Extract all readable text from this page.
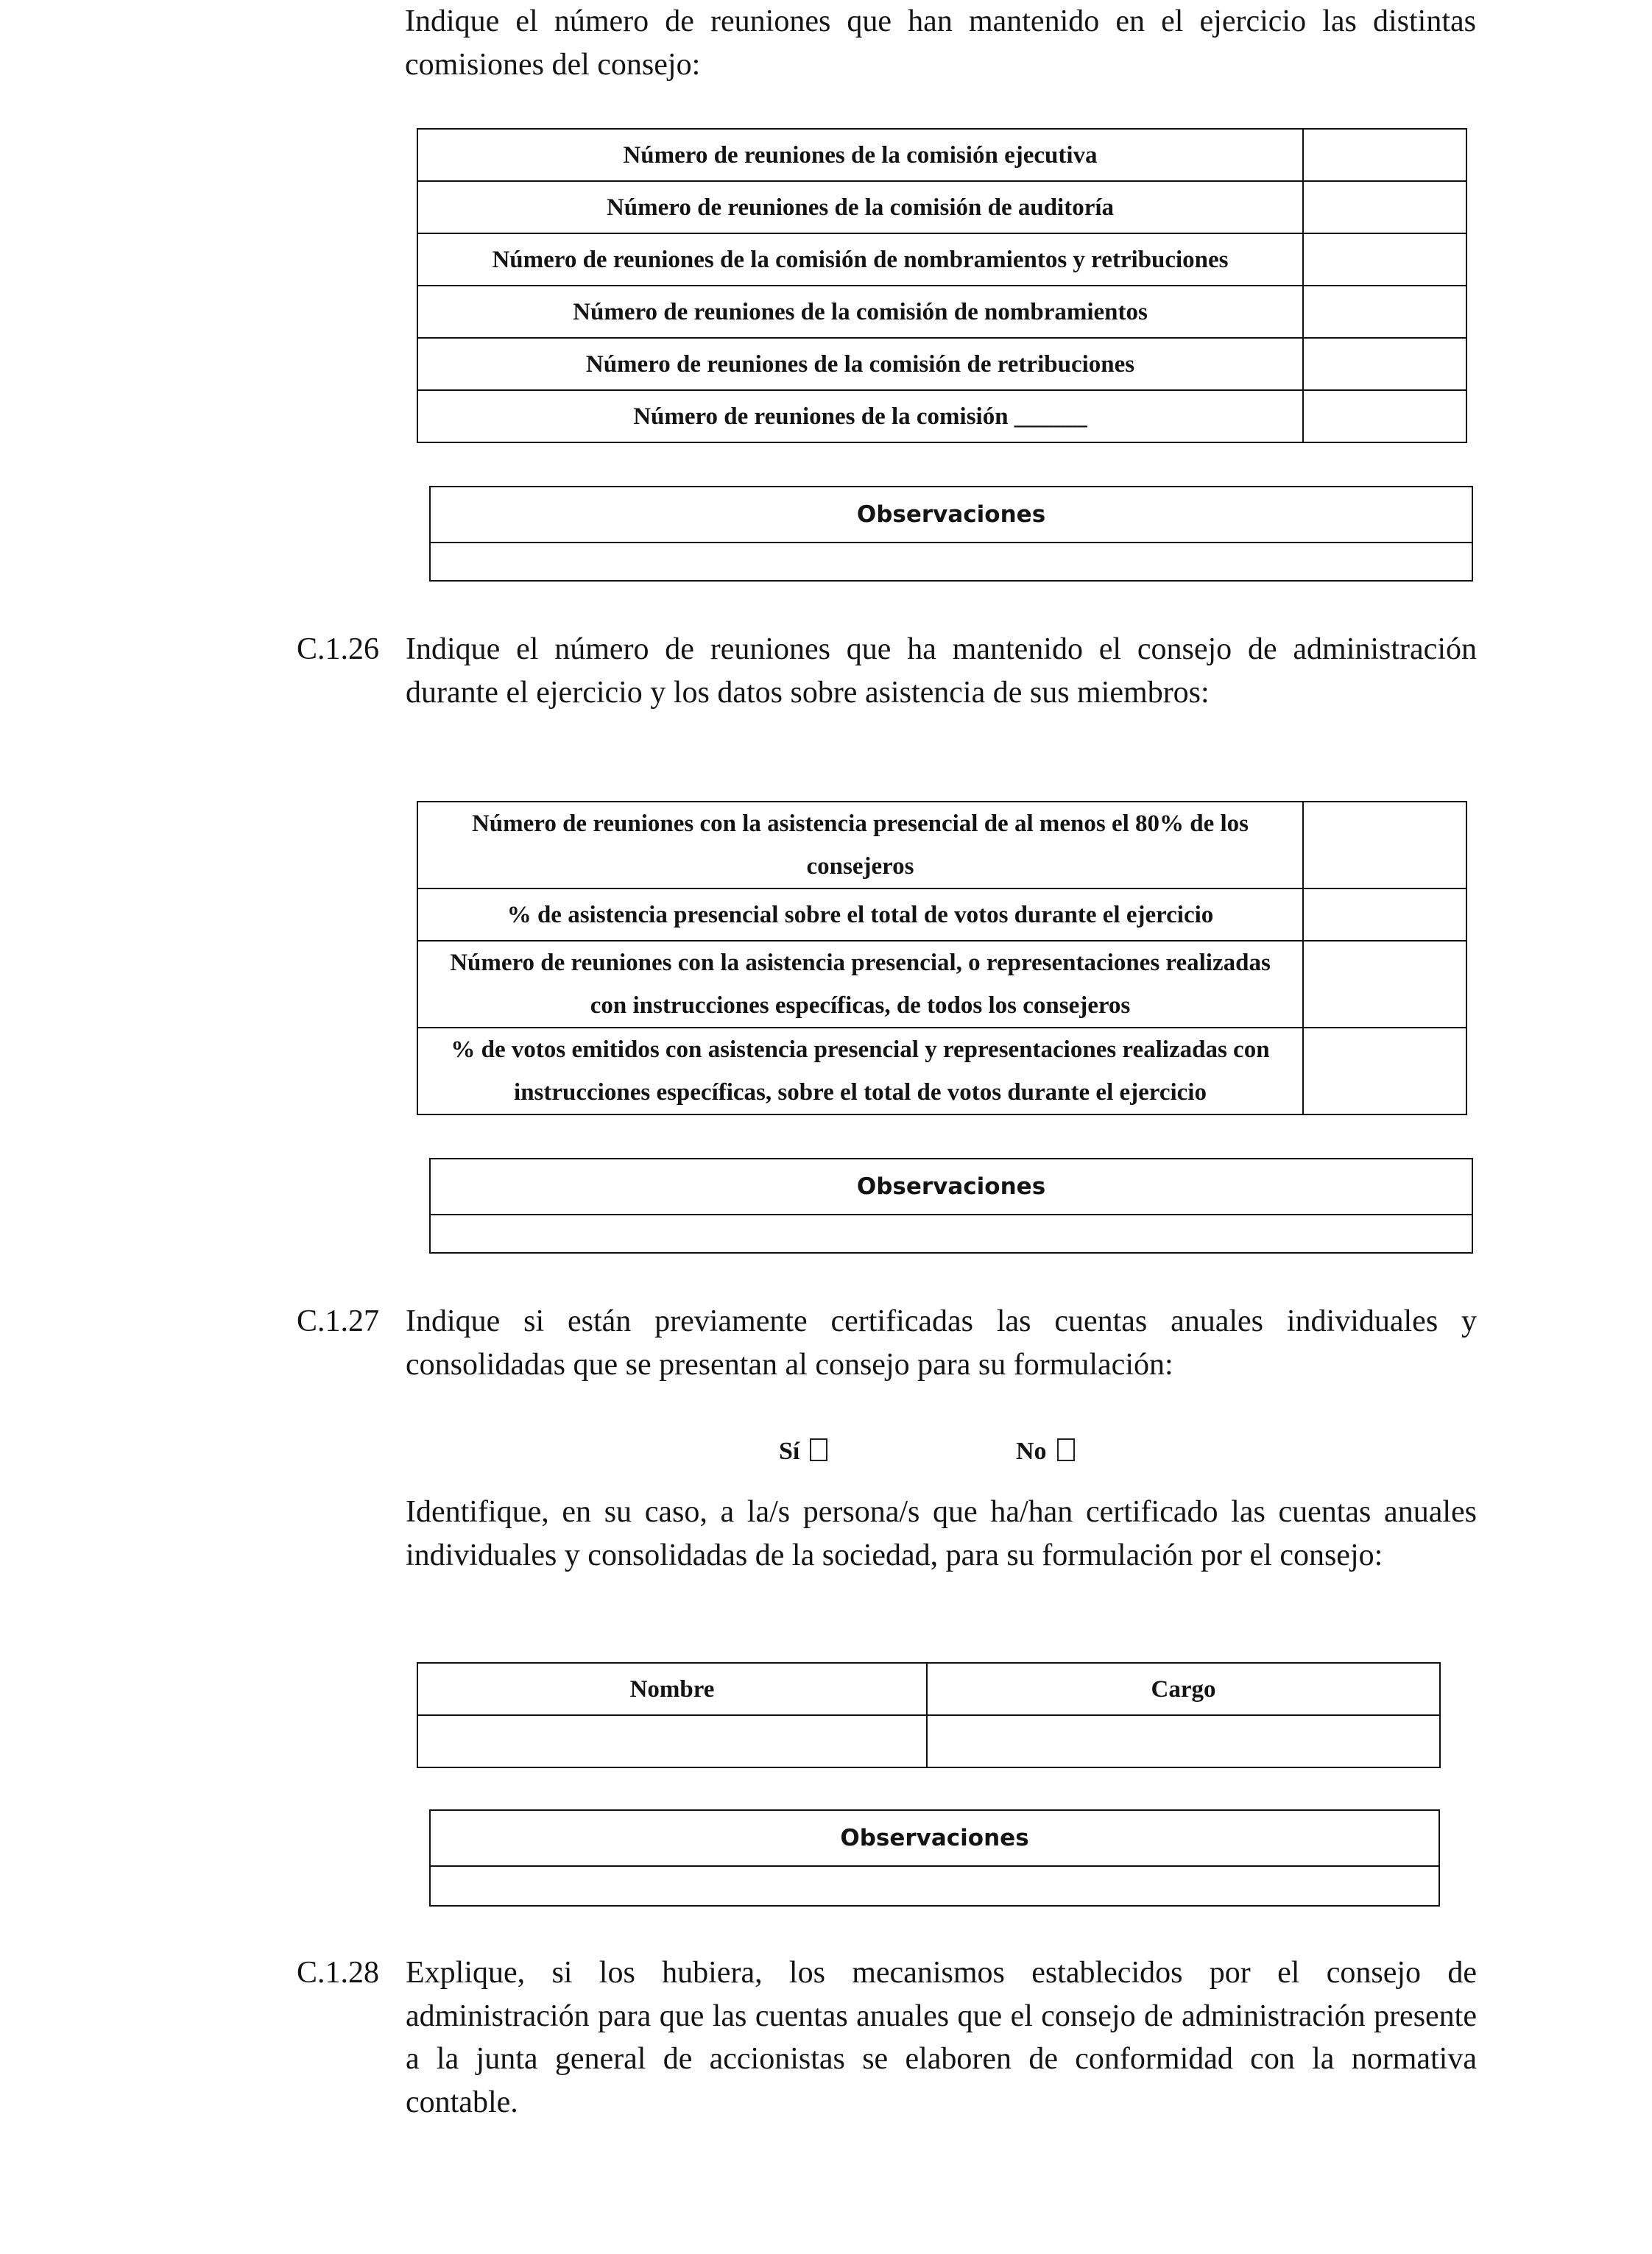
Indique el número de reuniones que han mantenido en el ejercicio las distintas comisiones del consejo:

Número de reuniones de la comisión ejecutiva	
Número de reuniones de la comisión de auditoría	
Número de reuniones de la comisión de nombramientos y retribuciones	
Número de reuniones de la comisión de nombramientos	
Número de reuniones de la comisión de retribuciones	
Número de reuniones de la comisión ______	
Observaciones
C.1.26 Indique el número de reuniones que ha mantenido el consejo de administración durante el ejercicio y los datos sobre asistencia de sus miembros:

Número de reuniones con la asistencia presencial de al menos el 80% de los consejeros	
% de asistencia presencial sobre el total de votos durante el ejercicio	
Número de reuniones con la asistencia presencial, o representaciones realizadas con instrucciones específicas, de todos los consejeros	
% de votos emitidos con asistencia presencial y representaciones realizadas con instrucciones específicas, sobre el total de votos durante el ejercicio	
Observaciones
C.1.27 Indique si están previamente certificadas las cuentas anuales individuales y consolidadas que se presentan al consejo para su formulación:

Sí	No

Identifique, en su caso, a la/s persona/s que ha/han certificado las cuentas anuales individuales y consolidadas de la sociedad, para su formulación por el consejo:

Nombre	Cargo

Observaciones
C.1.28 Explique, si los hubiera, los mecanismos establecidos por el consejo de administración para que las cuentas anuales que el consejo de administración presente a la junta general de accionistas se elaboren de conformidad con la normativa contable.
